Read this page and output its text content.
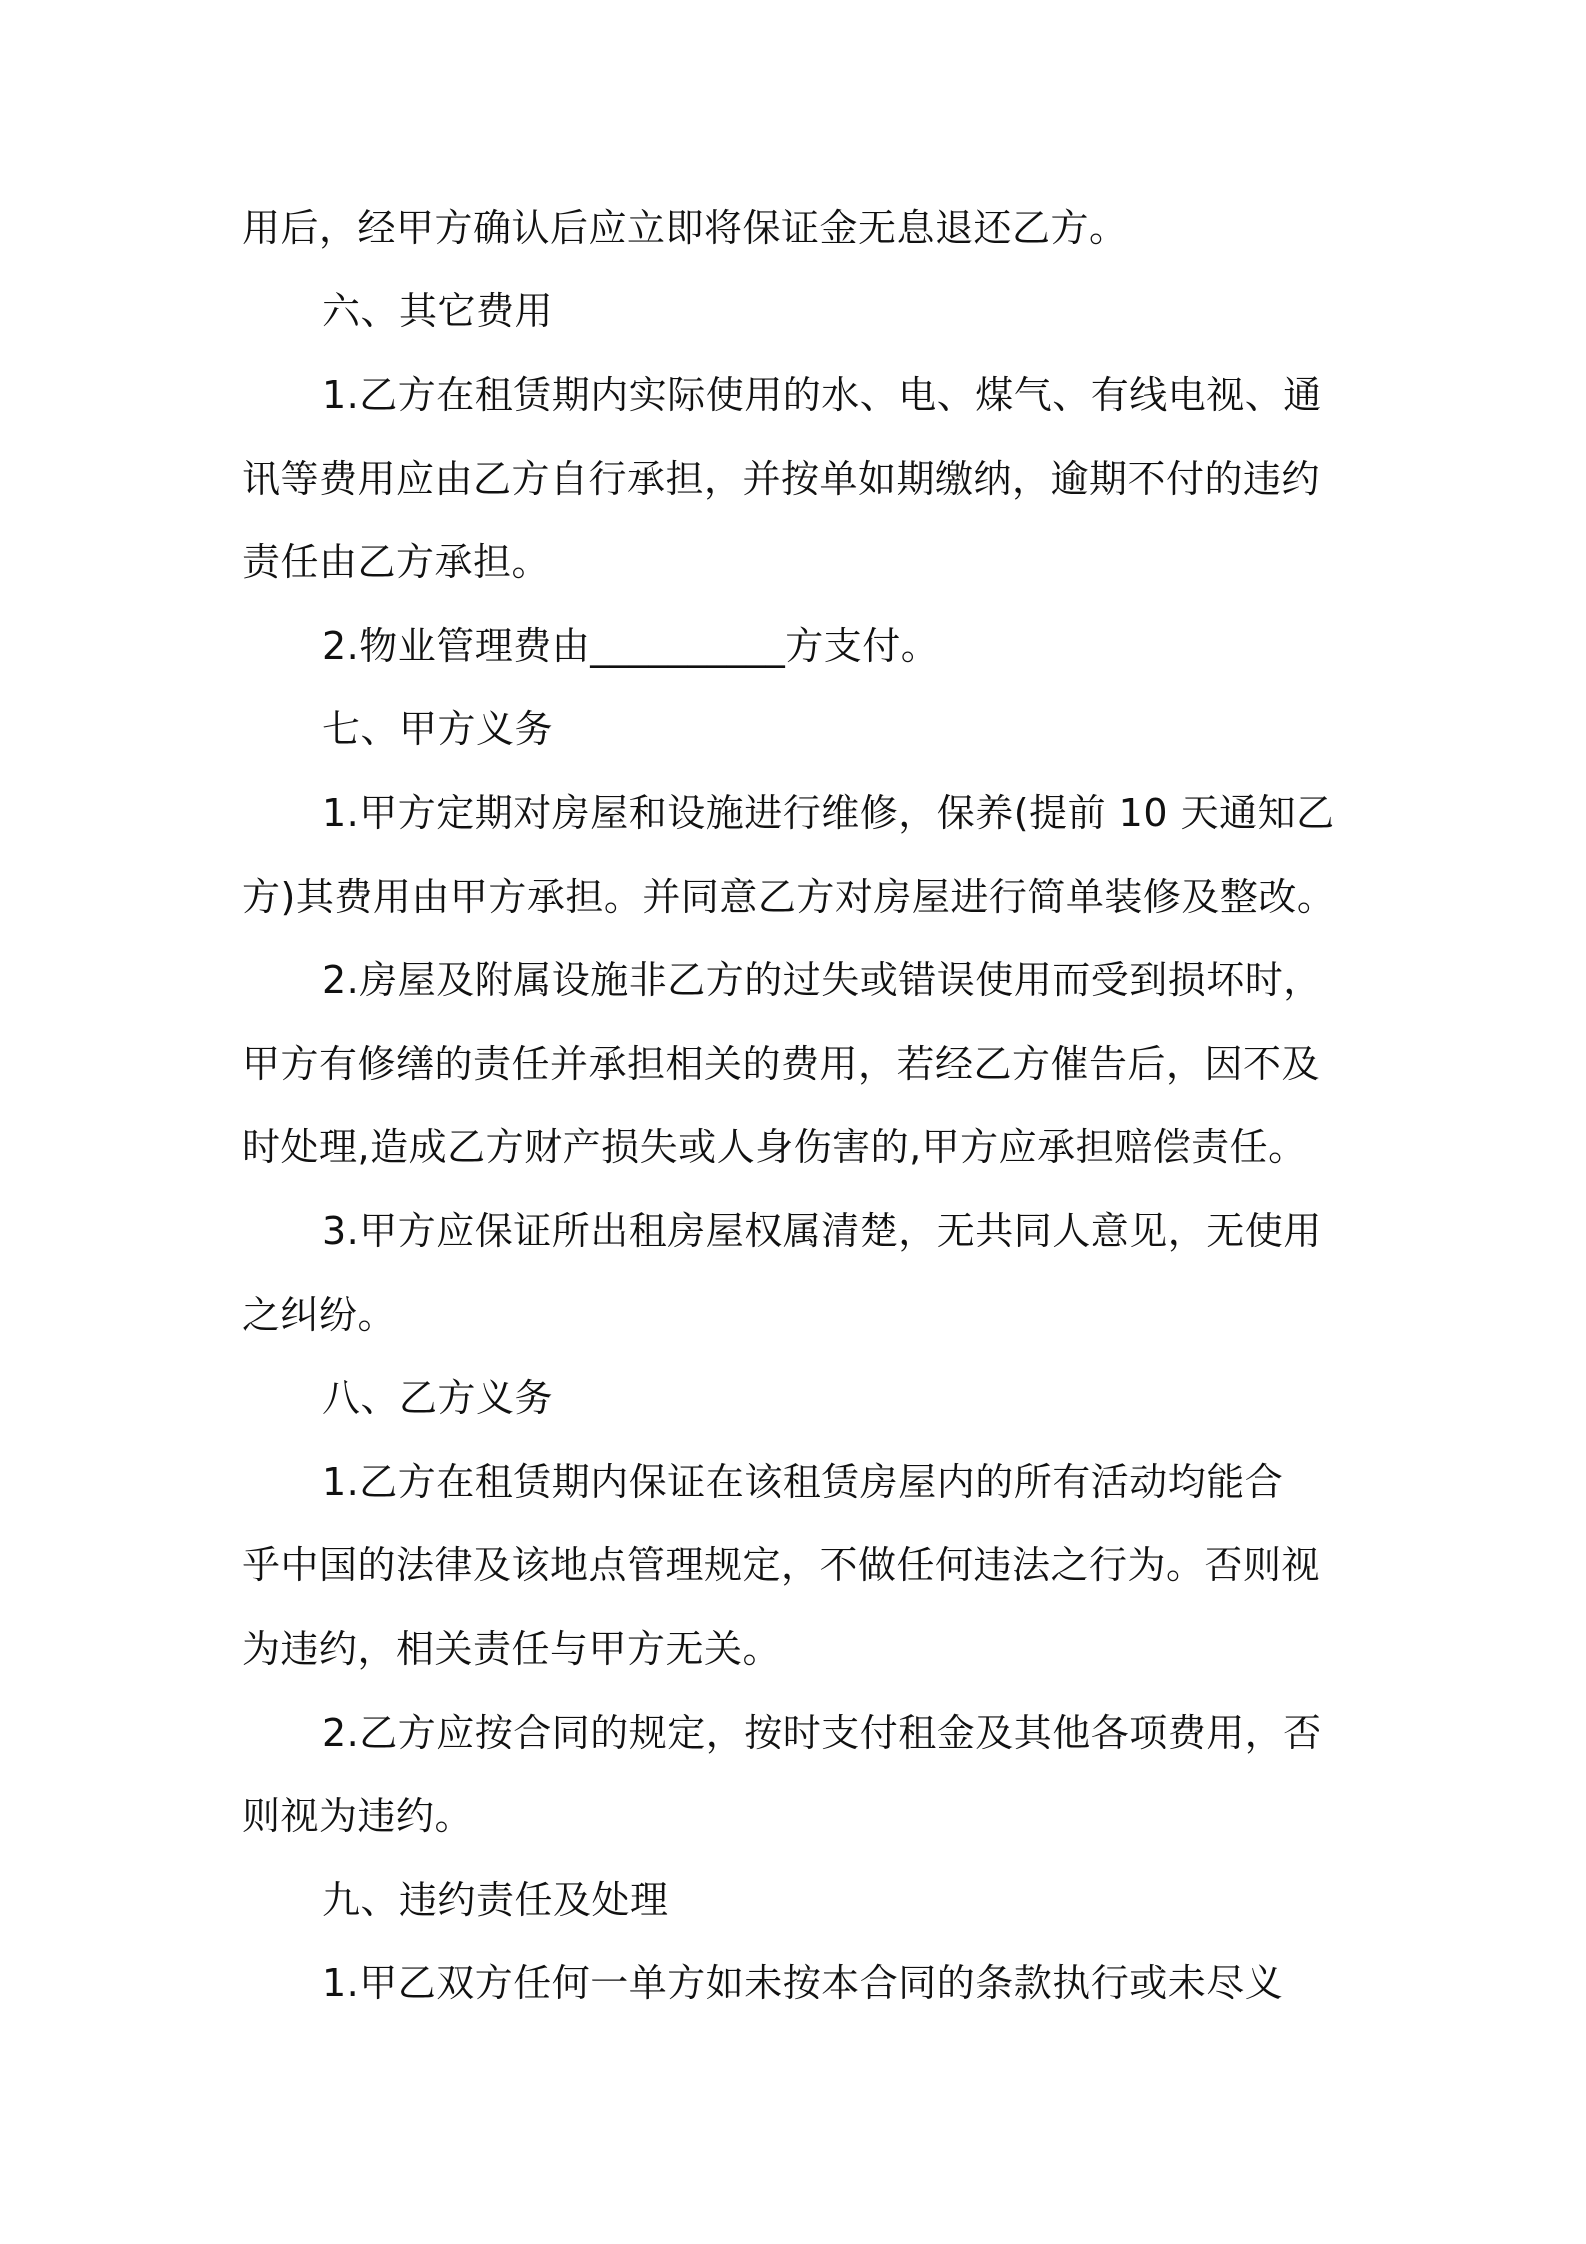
用后，经甲方确认后应立即将保证金无息退还乙方。
六、其它费用
1.乙方在租赁期内实际使用的水、电、煤气、有线电视、通
讯等费用应由乙方自行承担，并按单如期缴纳，逾期不付的违约
责任由乙方承担。
2.物业管理费由__________方支付。
七、甲方义务
1.甲方定期对房屋和设施进行维修，保养(提前 10 天通知乙
方)其费用由甲方承担。并同意乙方对房屋进行简单装修及整改。
2.房屋及附属设施非乙方的过失或错误使用而受到损坏时，
甲方有修缮的责任并承担相关的费用，若经乙方催告后，因不及
时处理,造成乙方财产损失或人身伤害的,甲方应承担赔偿责任。
3.甲方应保证所出租房屋权属清楚，无共同人意见，无使用
之纠纷。
八、乙方义务
1.乙方在租赁期内保证在该租赁房屋内的所有活动均能合
乎中国的法律及该地点管理规定，不做任何违法之行为。否则视
为违约，相关责任与甲方无关。
2.乙方应按合同的规定，按时支付租金及其他各项费用，否
则视为违约。
九、违约责任及处理
1.甲乙双方任何一单方如未按本合同的条款执行或未尽义
